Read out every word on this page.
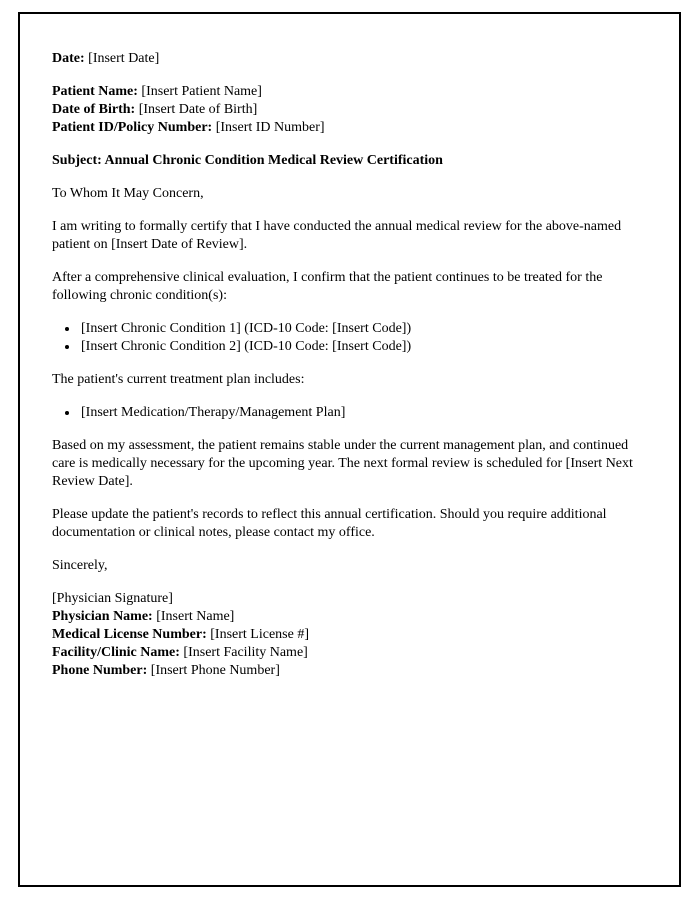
Date: [Insert Date]

Patient Name: [Insert Patient Name]
Date of Birth: [Insert Date of Birth]
Patient ID/Policy Number: [Insert ID Number]

Subject: Annual Chronic Condition Medical Review Certification

To Whom It May Concern,

I am writing to formally certify that I have conducted the annual medical review for the above-named patient on [Insert Date of Review].

After a comprehensive clinical evaluation, I confirm that the patient continues to be treated for the following chronic condition(s):

• [Insert Chronic Condition 1] (ICD-10 Code: [Insert Code])
• [Insert Chronic Condition 2] (ICD-10 Code: [Insert Code])

The patient's current treatment plan includes:

• [Insert Medication/Therapy/Management Plan]

Based on my assessment, the patient remains stable under the current management plan, and continued care is medically necessary for the upcoming year. The next formal review is scheduled for [Insert Next Review Date].

Please update the patient's records to reflect this annual certification. Should you require additional documentation or clinical notes, please contact my office.

Sincerely,

[Physician Signature]
Physician Name: [Insert Name]
Medical License Number: [Insert License #]
Facility/Clinic Name: [Insert Facility Name]
Phone Number: [Insert Phone Number]
